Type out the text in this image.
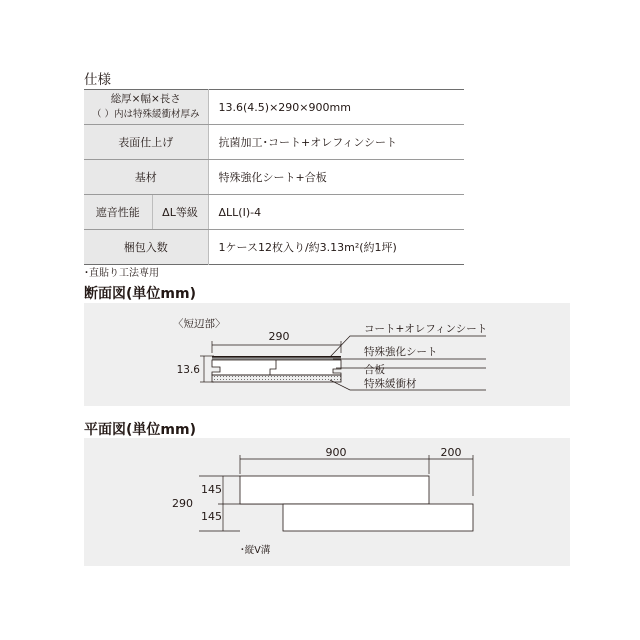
仕様
総厚×幅×長さ
（ ）内は特殊緩衝材厚み		13.6(4.5)×290×900mm
表面仕上げ		抗菌加工･コート+オレフィンシート
基材		特殊強化シート+合板
遮音性能	ΔL等級	ΔLL(I)-4
梱包入数		1ケース12枚入り/約3.13m²(約1坪)
･直貼り工法専用
断面図(単位mm)
〈短辺部〉
290
13.6
コート+オレフィンシート
特殊強化シート
合板
特殊緩衝材
平面図(単位mm)
900	200
290
145
145
･縦V溝
